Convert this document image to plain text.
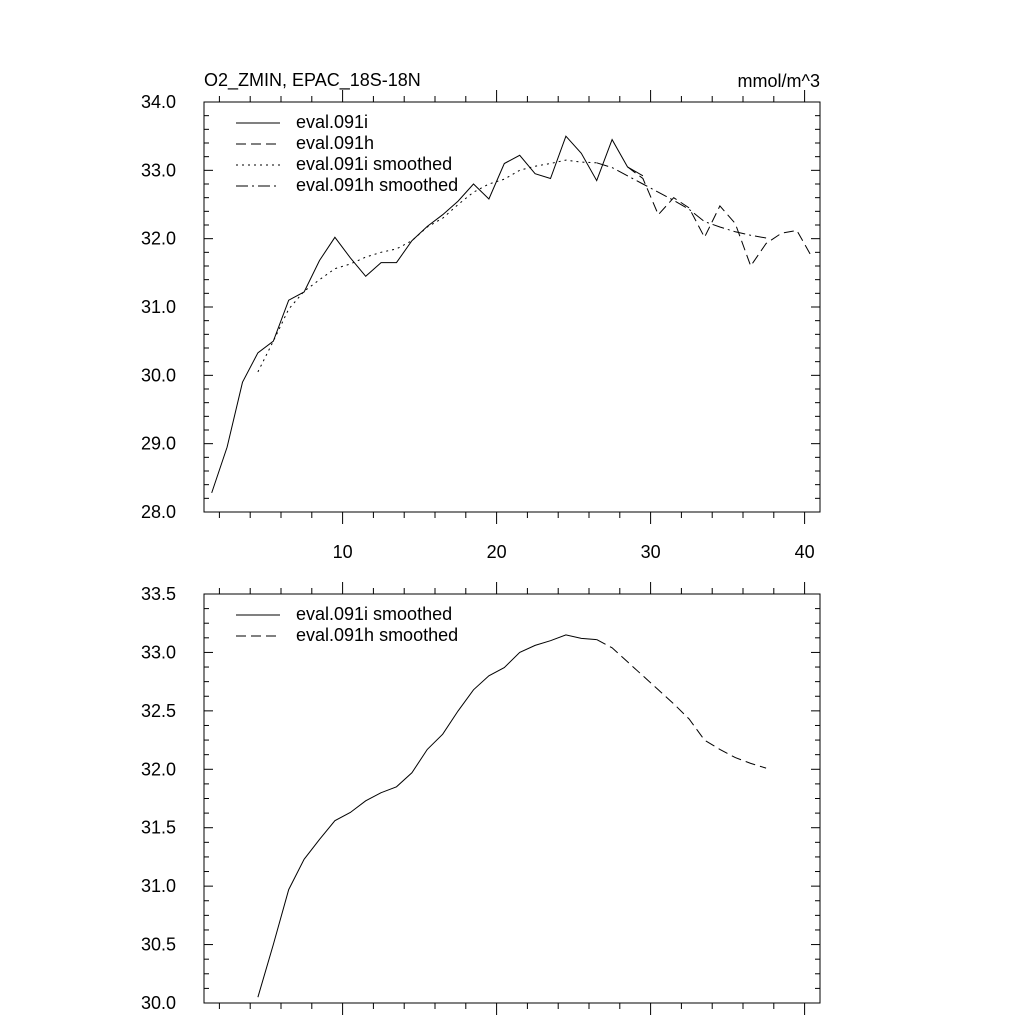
O2_ZMIN, EPAC_18S-18N	mmol/m^3
28.0
29.0
30.0
31.0
32.0
33.0
34.0
10	20	30	40
eval.091i
eval.091h
eval.091i smoothed
eval.091h smoothed
30.0
30.5
31.0
31.5
32.0
32.5
33.0
33.5
eval.091i smoothed
eval.091h smoothed
